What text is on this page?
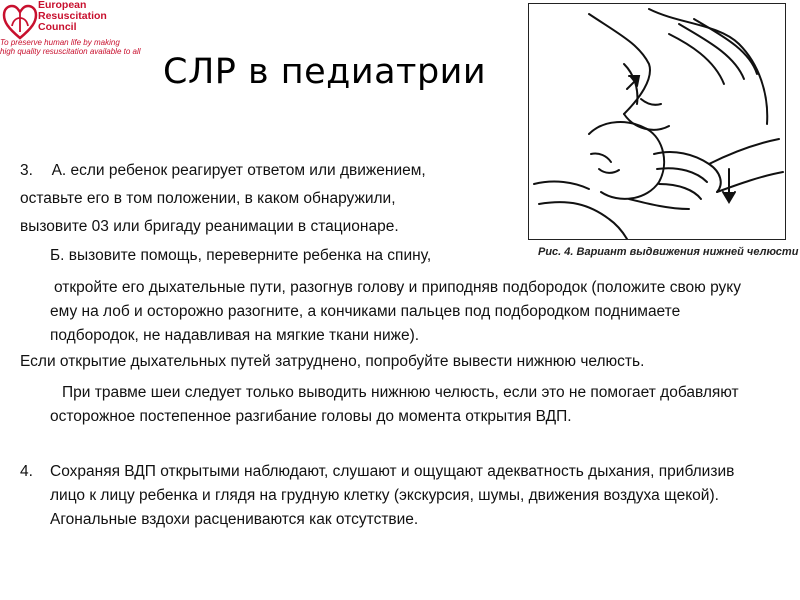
European
Resuscitation
Council
To preserve human life by making
high quality resuscitation available to all
СЛР в педиатрии
Рис. 4. Вариант выдвижения нижней челюсти
3. А. если ребенок реагирует ответом или движением,
оставьте его в том положении, в каком обнаружили,
вызовите 03 или бригаду реанимации в стационаре.
Б. вызовите помощь, переверните ребенка на спину,
откройте его дыхательные пути, разогнув голову и приподняв подбородок (положите свою руку ему на лоб и осторожно разогните, а кончиками пальцев под подбородком поднимаете подбородок, не надавливая на мягкие ткани ниже).
Если открытие дыхательных путей затруднено, попробуйте вывести нижнюю челюсть.
При травме шеи следует только выводить нижнюю челюсть, если это не помогает добавляют осторожное постепенное разгибание головы до момента открытия ВДП.
4. Сохраняя ВДП открытыми наблюдают, слушают и ощущают адекватность дыхания, приблизив лицо к лицу ребенка и глядя на грудную клетку (экскурсия, шумы, движения воздуха щекой). Агональные вздохи расцениваются как отсутствие.
